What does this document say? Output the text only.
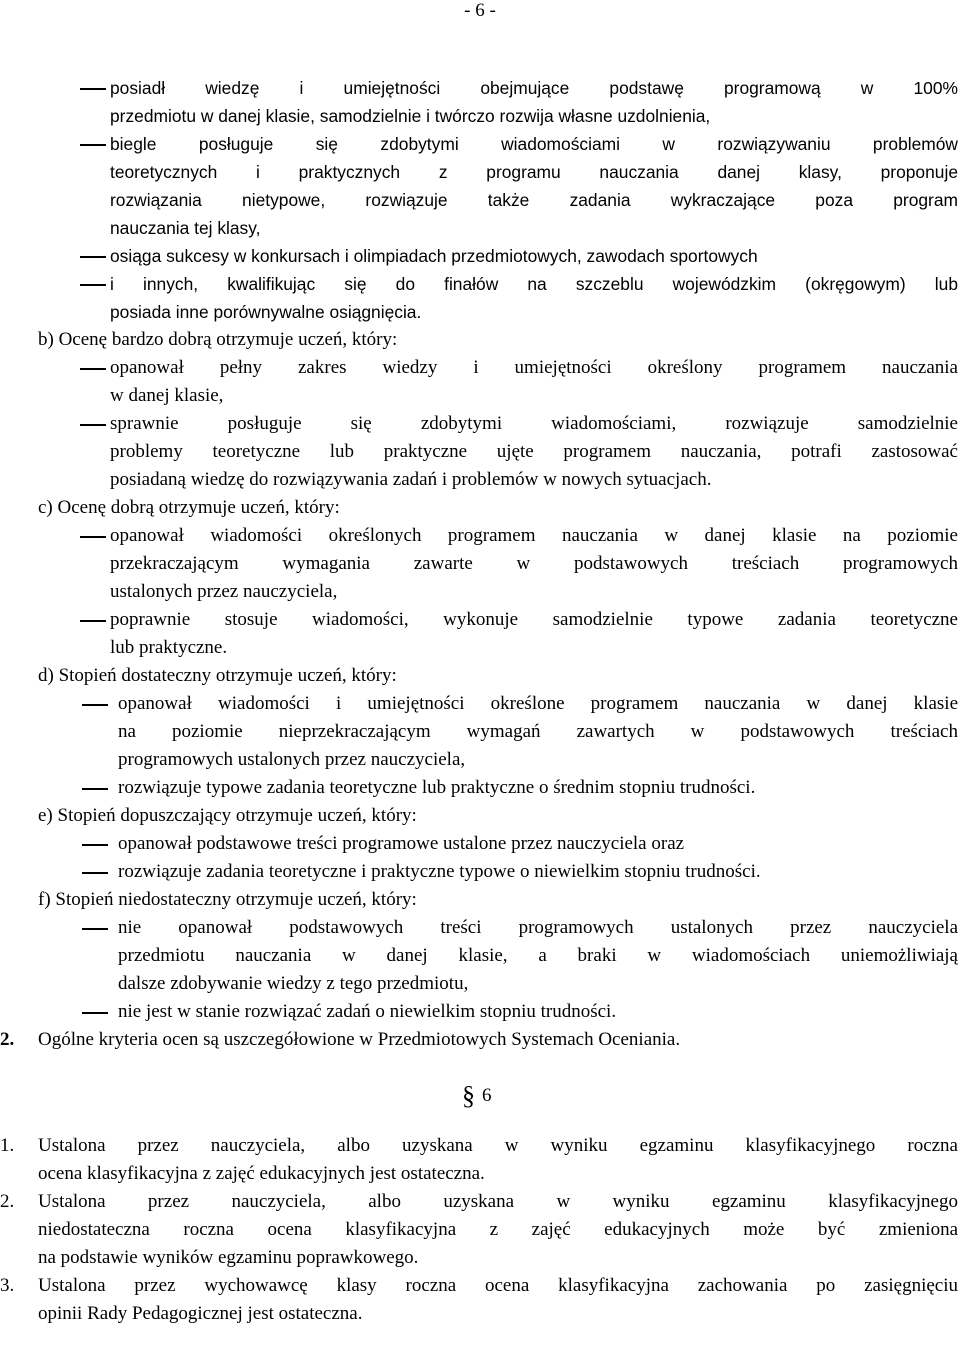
- 6 -
posiadł wiedzę i umiejętności obejmujące podstawę programową w 100%
przedmiotu w danej klasie, samodzielnie i twórczo rozwija własne uzdolnienia,
biegle posługuje się zdobytymi wiadomościami w rozwiązywaniu problemów
teoretycznych i praktycznych z programu nauczania danej klasy, proponuje
rozwiązania nietypowe, rozwiązuje także zadania wykraczające poza program
nauczania tej klasy,
osiąga sukcesy w konkursach i olimpiadach przedmiotowych, zawodach sportowych
i innych, kwalifikując się do finałów na szczeblu wojewódzkim (okręgowym) lub
posiada inne porównywalne osiągnięcia.
b) Ocenę bardzo dobrą otrzymuje uczeń, który:
opanował pełny zakres wiedzy i umiejętności określony programem nauczania
w danej klasie,
sprawnie posługuje się zdobytymi wiadomościami, rozwiązuje samodzielnie
problemy teoretyczne lub praktyczne ujęte programem nauczania, potrafi zastosować
posiadaną wiedzę do rozwiązywania zadań i problemów w nowych sytuacjach.
c) Ocenę dobrą otrzymuje uczeń, który:
opanował wiadomości określonych programem nauczania w danej klasie na poziomie
przekraczającym wymagania zawarte w podstawowych treściach programowych
ustalonych przez nauczyciela,
poprawnie stosuje wiadomości, wykonuje samodzielnie typowe zadania teoretyczne
lub praktyczne.
d) Stopień dostateczny otrzymuje uczeń, który:
opanował wiadomości i umiejętności określone programem nauczania w danej klasie
na poziomie nieprzekraczającym wymagań zawartych w podstawowych treściach
programowych ustalonych przez nauczyciela,
rozwiązuje typowe zadania teoretyczne lub praktyczne o średnim stopniu trudności.
e) Stopień dopuszczający otrzymuje uczeń, który:
opanował podstawowe treści programowe ustalone przez nauczyciela oraz
rozwiązuje zadania teoretyczne i praktyczne typowe o niewielkim stopniu trudności.
f) Stopień niedostateczny otrzymuje uczeń, który:
nie opanował podstawowych treści programowych ustalonych przez nauczyciela
przedmiotu nauczania w danej klasie, a braki w wiadomościach uniemożliwiają
dalsze zdobywanie wiedzy z tego przedmiotu,
nie jest w stanie rozwiązać zadań o niewielkim stopniu trudności.
2. Ogólne kryteria ocen są uszczegółowione w Przedmiotowych Systemach Oceniania.
§ 6
1.	Ustalona przez nauczyciela, albo uzyskana w wyniku egzaminu klasyfikacyjnego roczna
ocena klasyfikacyjna z zajęć edukacyjnych jest ostateczna.
2.	Ustalona przez nauczyciela, albo uzyskana w wyniku egzaminu klasyfikacyjnego
niedostateczna roczna ocena klasyfikacyjna z zajęć edukacyjnych może być zmieniona
na podstawie wyników egzaminu poprawkowego.
3.	Ustalona przez wychowawcę klasy roczna ocena klasyfikacyjna zachowania po zasięgnięciu
opinii Rady Pedagogicznej jest ostateczna.
